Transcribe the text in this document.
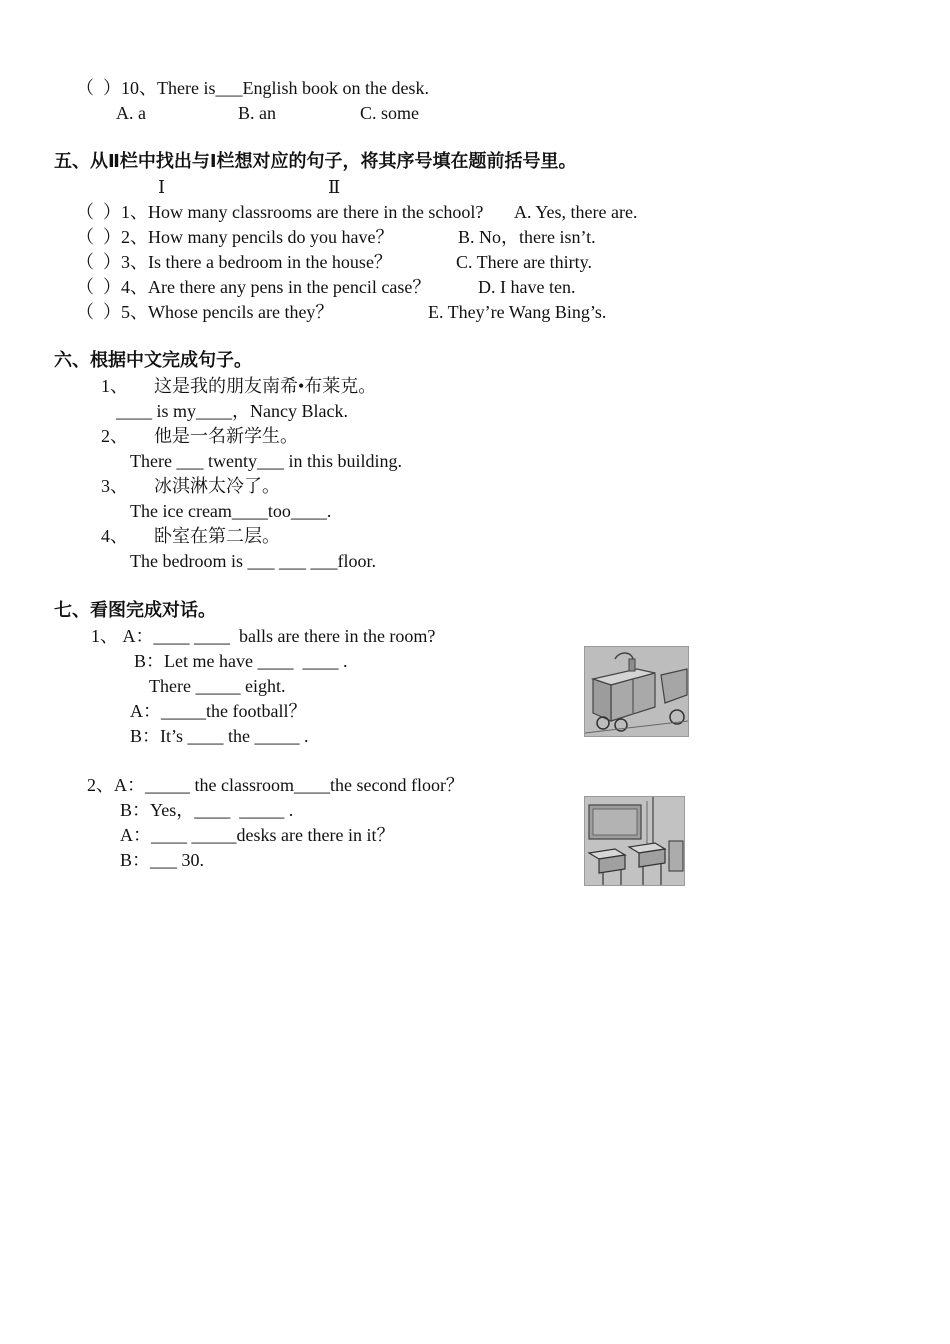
（  ）10、There is___English book on the desk.
A. a	B. an	C. some
五、从Ⅱ栏中找出与Ⅰ栏想对应的句子，将其序号填在题前括号里。
Ⅰ	Ⅱ
（  ）1、How many classrooms are there in the school? A. Yes, there are.
（  ）2、How many pencils do you have？	B. No，there isn’t.
（  ）3、Is there a bedroom in the house？	C. There are thirty.
（  ）4、Are there any pens in the pencil case？	D. I have ten.
（  ）5、Whose pencils are they？	E. They’re Wang Bing’s.
六、根据中文完成句子。
1、 这是我的朋友南希•布莱克。
____ is my____，Nancy Black.
2、 他是一名新学生。
There ___ twenty___ in this building.
3、 冰淇淋太冷了。
The ice cream____too____.
4、 卧室在第二层。
The bedroom is ___ ___ ___floor.
七、看图完成对话。
1、 A：____ ____  balls are there in the room?
B：Let me have ____  ____ .
There _____ eight.
A：_____the football？
B：It’s ____ the _____ .
2、A：_____ the classroom____the second floor？
B：Yes，____  _____ .
A：____ _____desks are there in it？
B：___ 30.
